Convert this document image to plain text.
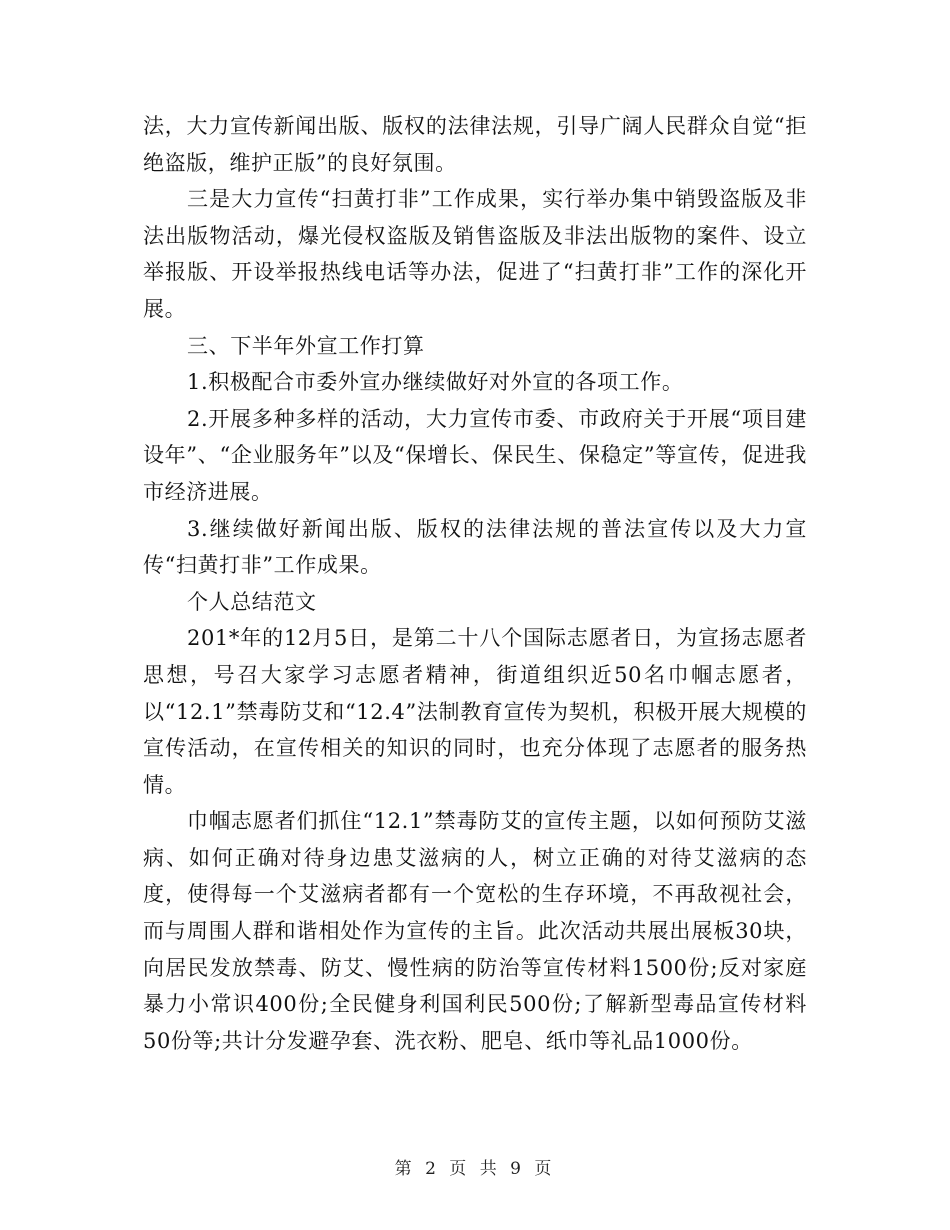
法，大力宣传新闻出版、版权的法律法规，引导广阔人民群众自觉“拒绝盗版，维护正版”的良好氛围。

三是大力宣传“扫黄打非”工作成果，实行举办集中销毁盗版及非法出版物活动，爆光侵权盗版及销售盗版及非法出版物的案件、设立举报版、开设举报热线电话等办法，促进了“扫黄打非”工作的深化开展。

三、下半年外宣工作打算

1.积极配合市委外宣办继续做好对外宣的各项工作。

2.开展多种多样的活动，大力宣传市委、市政府关于开展“项目建设年”、“企业服务年”以及“保增长、保民生、保稳定”等宣传，促进我市经济进展。

3.继续做好新闻出版、版权的法律法规的普法宣传以及大力宣传“扫黄打非”工作成果。

个人总结范文

201*年的12月5日，是第二十八个国际志愿者日，为宣扬志愿者思想，号召大家学习志愿者精神，街道组织近50名巾帼志愿者，以“12.1”禁毒防艾和“12.4”法制教育宣传为契机，积极开展大规模的宣传活动，在宣传相关的知识的同时，也充分体现了志愿者的服务热情。

巾帼志愿者们抓住“12.1”禁毒防艾的宣传主题，以如何预防艾滋病、如何正确对待身边患艾滋病的人，树立正确的对待艾滋病的态度，使得每一个艾滋病者都有一个宽松的生存环境，不再敌视社会，而与周围人群和谐相处作为宣传的主旨。此次活动共展出展板30块，向居民发放禁毒、防艾、慢性病的防治等宣传材料1500份;反对家庭暴力小常识400份;全民健身利国利民500份;了解新型毒品宣传材料50份等;共计分发避孕套、洗衣粉、肥皂、纸巾等礼品1000份。

第 2 页 共 9 页
